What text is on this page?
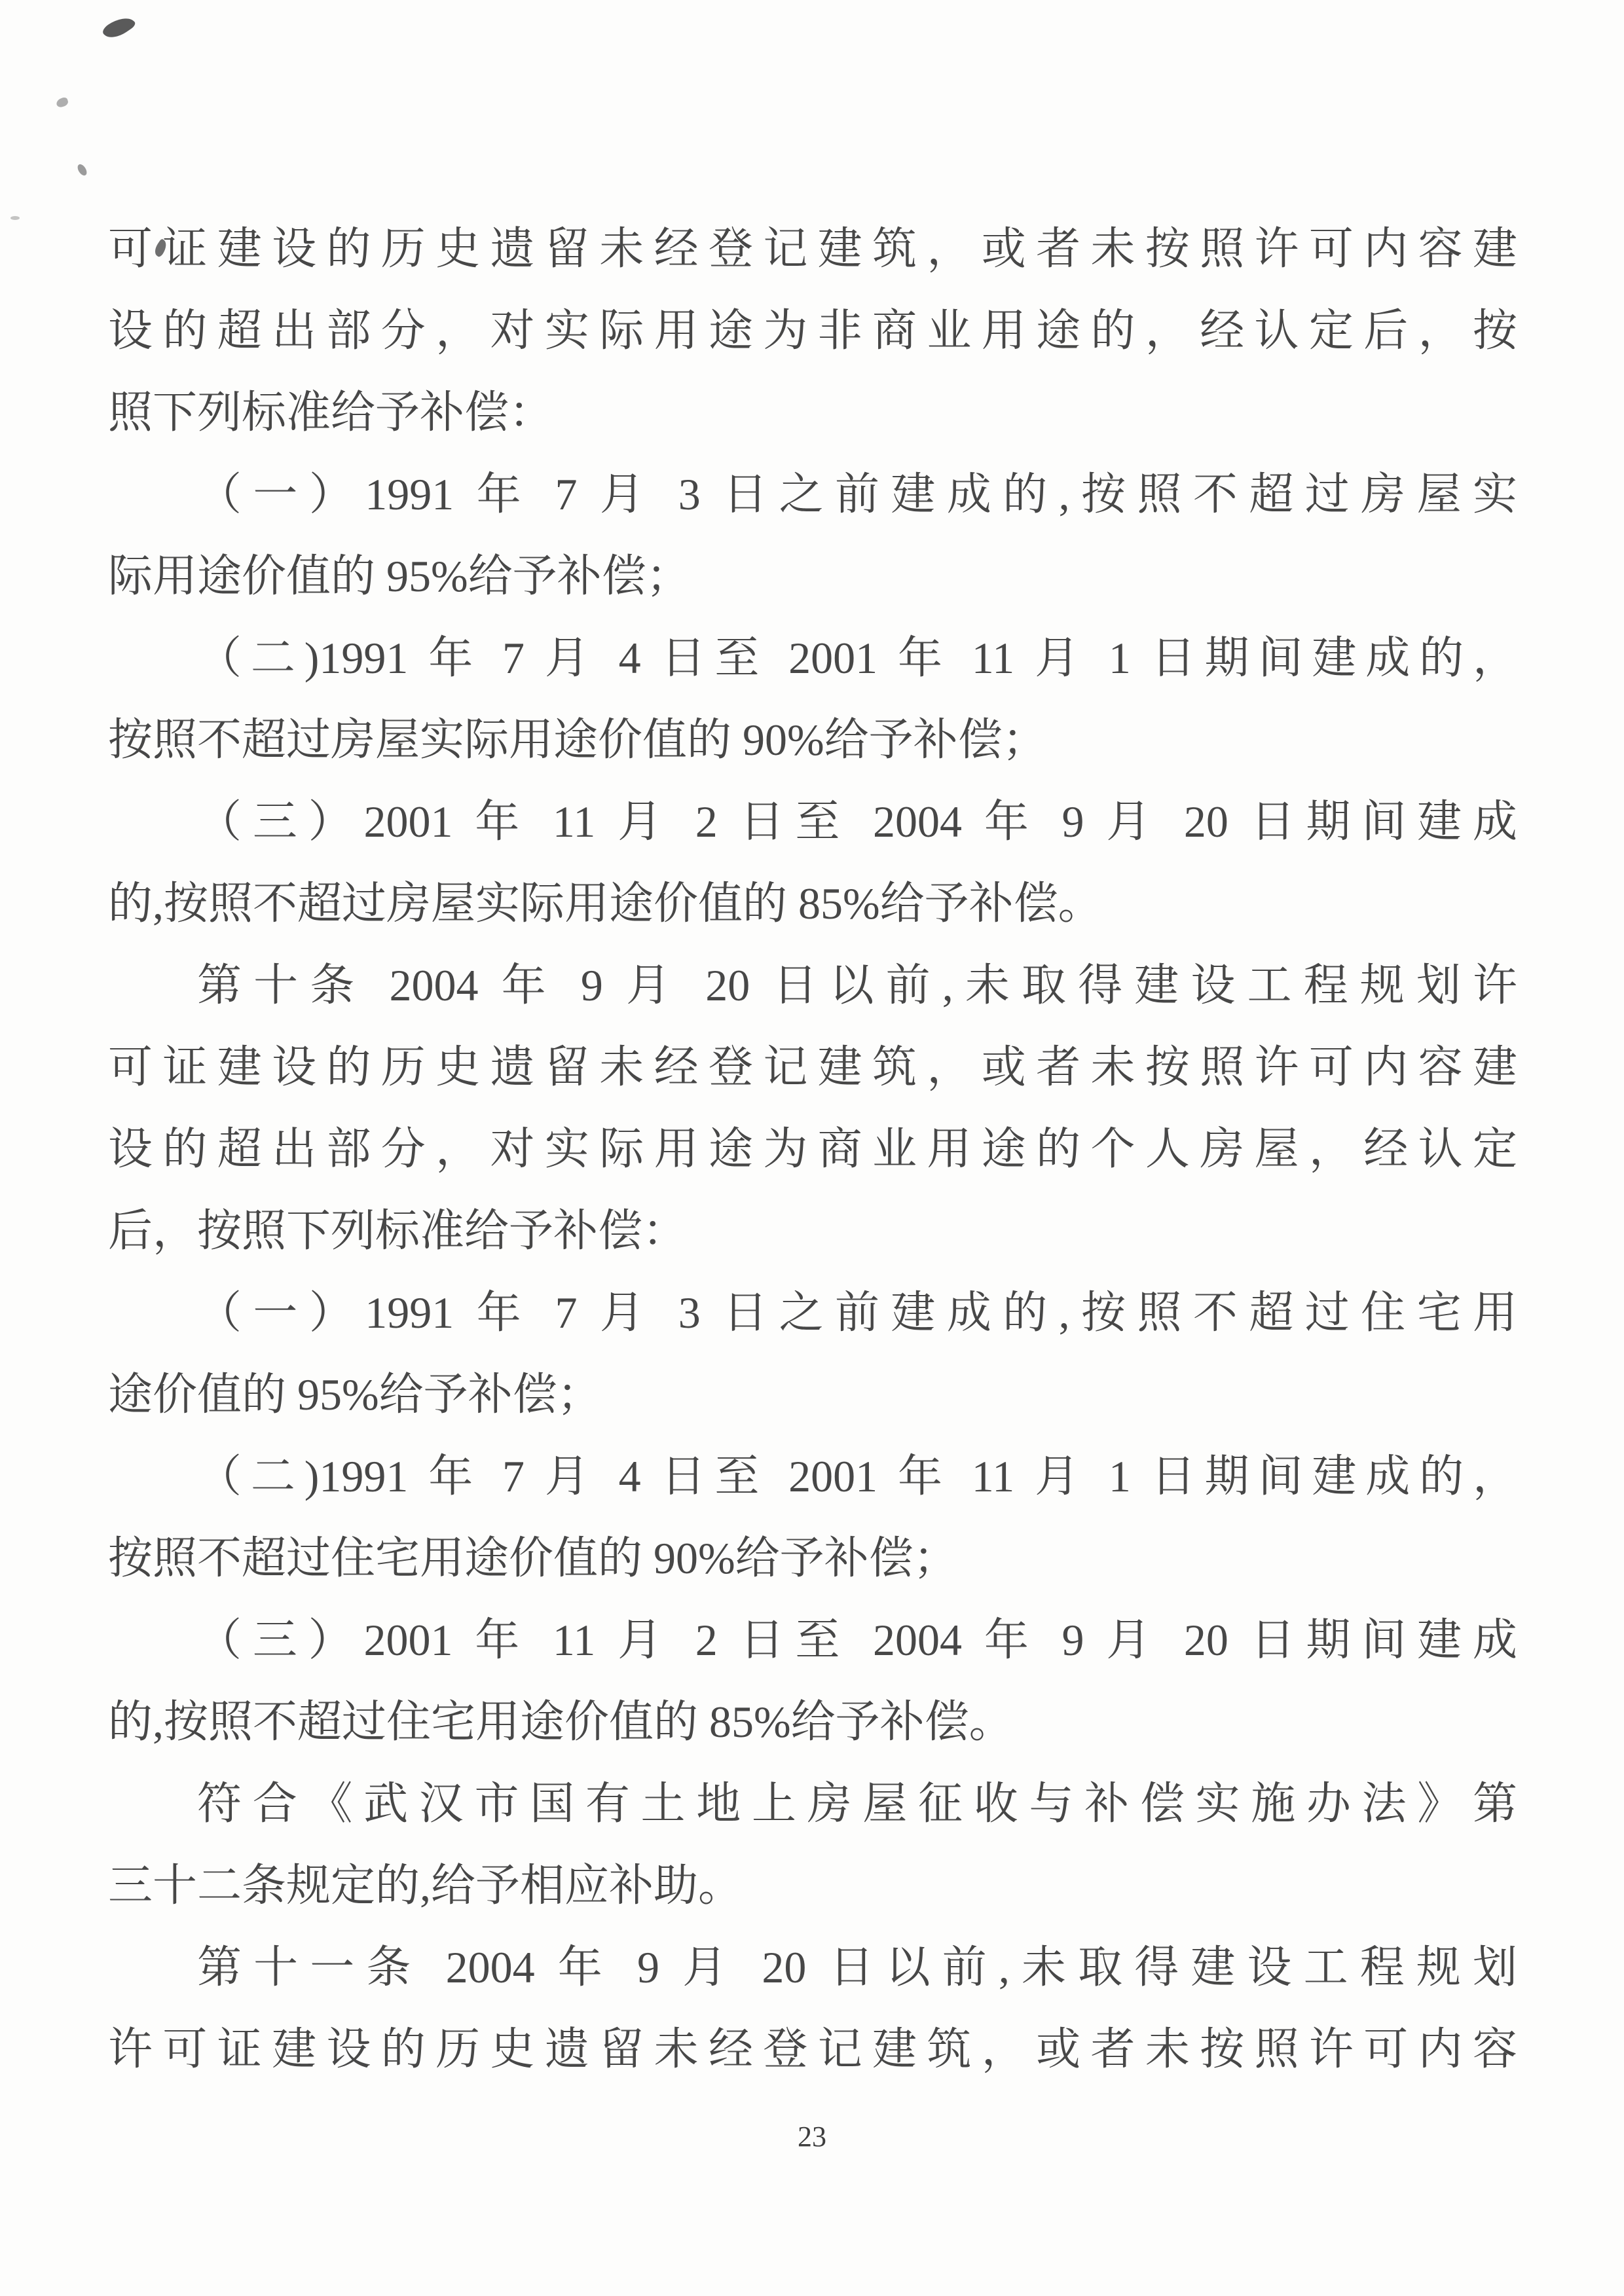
可证建设的历史遗留未经登记建筑，或者未按照许可内容建
设的超出部分，对实际用途为非商业用途的，经认定后，按
照下列标准给予补偿：
（一）1991 年 7 月 3 日之前建成的,按照不超过房屋实
际用途价值的 95%给予补偿；
（二)1991 年 7 月 4 日至 2001 年 11 月 1 日期间建成的，
按照不超过房屋实际用途价值的 90%给予补偿；
（三）2001 年 11 月 2 日至 2004 年 9 月 20 日期间建成
的,按照不超过房屋实际用途价值的 85%给予补偿。
第十条 2004 年 9 月 20 日以前,未取得建设工程规划许
可证建设的历史遗留未经登记建筑，或者未按照许可内容建
设的超出部分，对实际用途为商业用途的个人房屋，经认定
后，按照下列标准给予补偿：
（一）1991 年 7 月 3 日之前建成的,按照不超过住宅用
途价值的 95%给予补偿；
（二)1991 年 7 月 4 日至 2001 年 11 月 1 日期间建成的，
按照不超过住宅用途价值的 90%给予补偿；
（三）2001 年 11 月 2 日至 2004 年 9 月 20 日期间建成
的,按照不超过住宅用途价值的 85%给予补偿。
符合《武汉市国有土地上房屋征收与补偿实施办法》第
三十二条规定的,给予相应补助。
第十一条 2004 年 9 月 20 日以前,未取得建设工程规划
许可证建设的历史遗留未经登记建筑，或者未按照许可内容
23
